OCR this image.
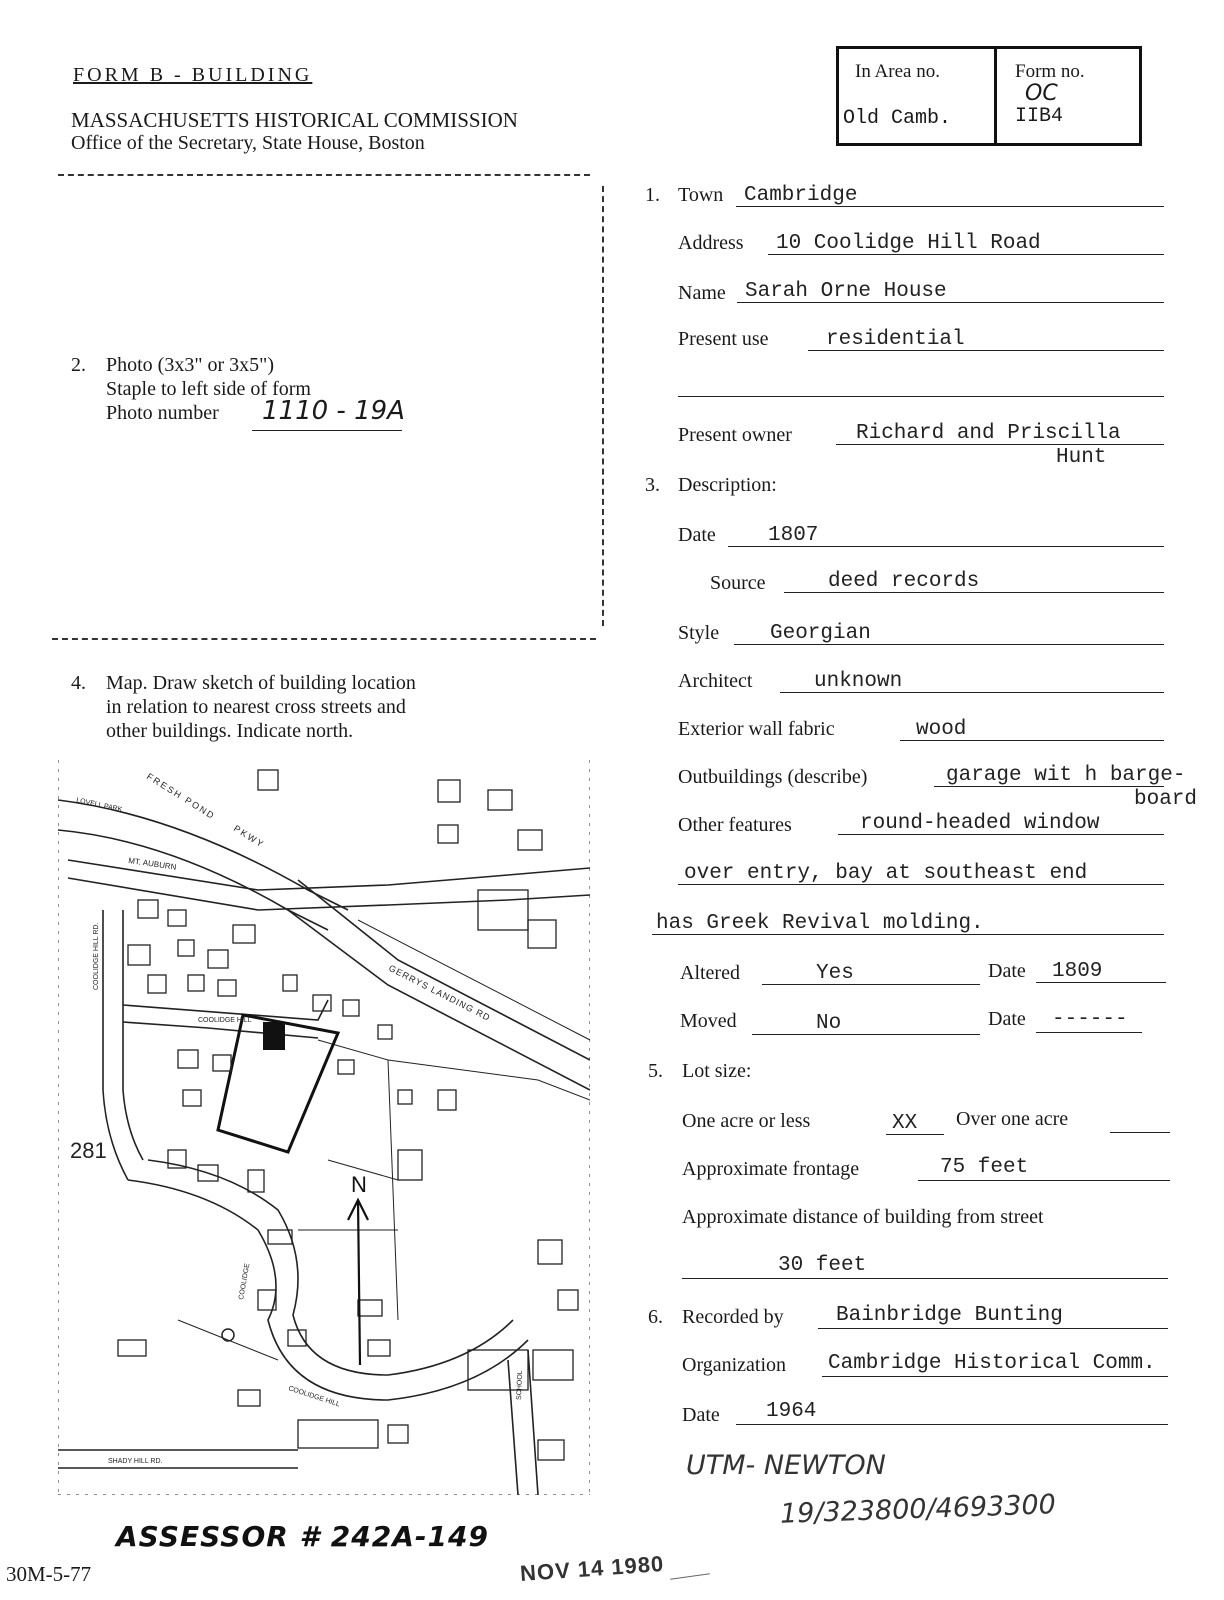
FORM B - BUILDING
MASSACHUSETTS HISTORICAL COMMISSION
Office of the Secretary, State House, Boston
In Area no.
Old Camb.
Form no.
OC
IIB4
2. Photo (3x3" or 3x5")
Staple to left side of form
Photo number 1110 - 19A
4. Map. Draw sketch of building location
in relation to nearest cross streets and
other buildings. Indicate north.
N
FRESH POND
PKWY
LOVELL PARK
MT. AUBURN
GERRYS LANDING RD
COOLIDGE HILL
COOLIDGE HILL RD.
COOLIDGE
COOLIDGE HILL
SHADY HILL RD.
SCHOOL
281
1. Town Cambridge
Address 10 Coolidge Hill Road
Name Sarah Orne House
Present use	residential
Present owner	Richard and Priscilla
Hunt
3. Description:
Date 1807
Source	deed records
Style Georgian
Architect	unknown
Exterior wall fabric	wood
Outbuildings (describe)	garage wit h barge-
board
Other features	round-headed window
over entry, bay at southeast end
has Greek Revival molding.
Altered	Yes	Date 1809
Moved	No	Date ------
5. Lot size:
One acre or less	XX Over one acre
Approximate frontage	75 feet
Approximate distance of building from street
30 feet
6. Recorded by Bainbridge Bunting
Organization Cambridge Historical Comm.
Date 1964
UTM- NEWTON
19/323800/4693300
ASSESSOR # 242A-149
30M-5-77	NOV 14 1980
